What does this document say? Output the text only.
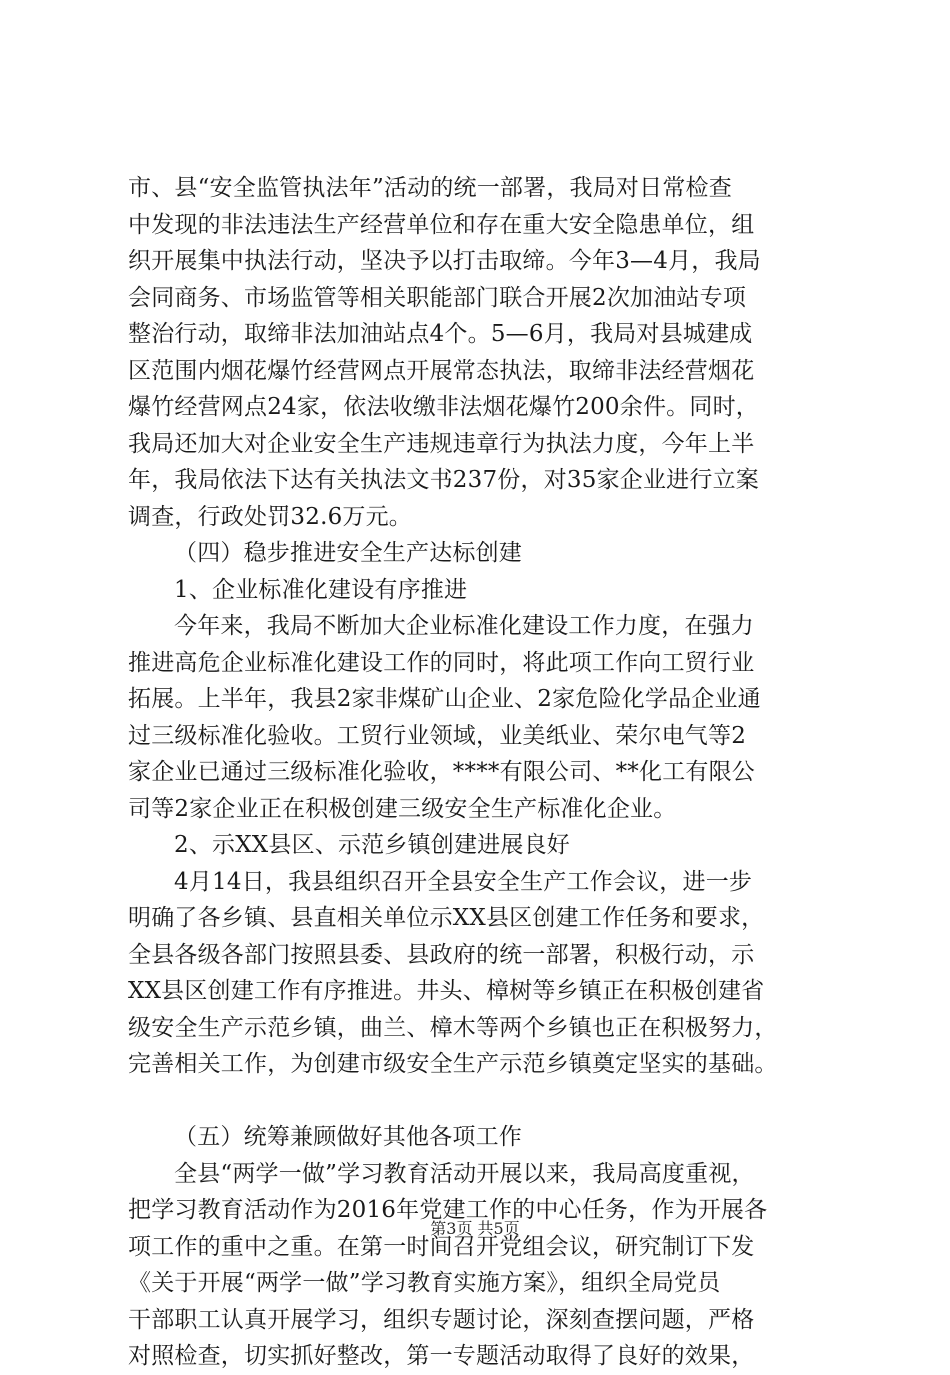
市、县“安全监管执法年”活动的统一部署，我局对日常检查
中发现的非法违法生产经营单位和存在重大安全隐患单位，组
织开展集中执法行动，坚决予以打击取缔。今年3—4月，我局
会同商务、市场监管等相关职能部门联合开展2次加油站专项
整治行动，取缔非法加油站点4个。5—6月，我局对县城建成
区范围内烟花爆竹经营网点开展常态执法，取缔非法经营烟花
爆竹经营网点24家，依法收缴非法烟花爆竹200余件。同时，
我局还加大对企业安全生产违规违章行为执法力度，今年上半
年，我局依法下达有关执法文书237份，对35家企业进行立案
调查，行政处罚32.6万元。
（四）稳步推进安全生产达标创建
1、企业标准化建设有序推进
今年来，我局不断加大企业标准化建设工作力度，在强力
推进高危企业标准化建设工作的同时，将此项工作向工贸行业
拓展。上半年，我县2家非煤矿山企业、2家危险化学品企业通
过三级标准化验收。工贸行业领域，业美纸业、荣尔电气等2
家企业已通过三级标准化验收，****有限公司、**化工有限公
司等2家企业正在积极创建三级安全生产标准化企业。
2、示XX县区、示范乡镇创建进展良好
4月14日，我县组织召开全县安全生产工作会议，进一步
明确了各乡镇、县直相关单位示XX县区创建工作任务和要求，
全县各级各部门按照县委、县政府的统一部署，积极行动，示
XX县区创建工作有序推进。井头、樟树等乡镇正在积极创建省
级安全生产示范乡镇，曲兰、樟木等两个乡镇也正在积极努力，
完善相关工作，为创建市级安全生产示范乡镇奠定坚实的基础。
（五）统筹兼顾做好其他各项工作
全县“两学一做”学习教育活动开展以来，我局高度重视，
把学习教育活动作为2016年党建工作的中心任务，作为开展各
项工作的重中之重。在第一时间召开党组会议，研究制订下发
《关于开展“两学一做”学习教育实施方案》，组织全局党员
干部职工认真开展学习，组织专题讨论，深刻查摆问题，严格
对照检查，切实抓好整改，第一专题活动取得了良好的效果，
第3页 共5页
